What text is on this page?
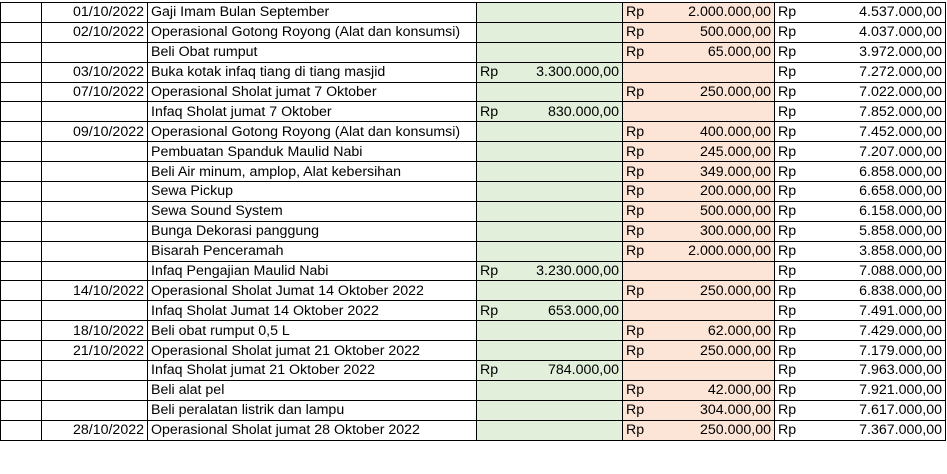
	01/10/2022	Gaji Imam Bulan September			Rp	2.000.000,00	Rp	4.537.000,00
	02/10/2022	Operasional Gotong Royong (Alat dan konsumsi)			Rp	500.000,00	Rp	4.037.000,00
		Beli Obat rumput			Rp	65.000,00	Rp	3.972.000,00
	03/10/2022	Buka kotak infaq tiang di tiang masjid	Rp	3.300.000,00			Rp	7.272.000,00
	07/10/2022	Operasional Sholat jumat 7 Oktober			Rp	250.000,00	Rp	7.022.000,00
		Infaq Sholat jumat 7 Oktober	Rp	830.000,00			Rp	7.852.000,00
	09/10/2022	Operasional Gotong Royong (Alat dan konsumsi)			Rp	400.000,00	Rp	7.452.000,00
		Pembuatan Spanduk Maulid Nabi			Rp	245.000,00	Rp	7.207.000,00
		Beli Air minum, amplop, Alat kebersihan			Rp	349.000,00	Rp	6.858.000,00
		Sewa Pickup			Rp	200.000,00	Rp	6.658.000,00
		Sewa Sound System			Rp	500.000,00	Rp	6.158.000,00
		Bunga Dekorasi panggung			Rp	300.000,00	Rp	5.858.000,00
		Bisarah Penceramah			Rp	2.000.000,00	Rp	3.858.000,00
		Infaq Pengajian Maulid Nabi	Rp	3.230.000,00			Rp	7.088.000,00
	14/10/2022	Operasional Sholat Jumat 14 Oktober 2022			Rp	250.000,00	Rp	6.838.000,00
		Infaq Sholat Jumat 14 Oktober 2022	Rp	653.000,00			Rp	7.491.000,00
	18/10/2022	Beli obat rumput 0,5 L			Rp	62.000,00	Rp	7.429.000,00
	21/10/2022	Operasional Sholat jumat 21 Oktober 2022			Rp	250.000,00	Rp	7.179.000,00
		Infaq Sholat jumat 21 Oktober 2022	Rp	784.000,00			Rp	7.963.000,00
		Beli alat pel			Rp	42.000,00	Rp	7.921.000,00
		Beli peralatan listrik dan lampu			Rp	304.000,00	Rp	7.617.000,00
	28/10/2022	Operasional Sholat jumat 28 Oktober 2022			Rp	250.000,00	Rp	7.367.000,00
